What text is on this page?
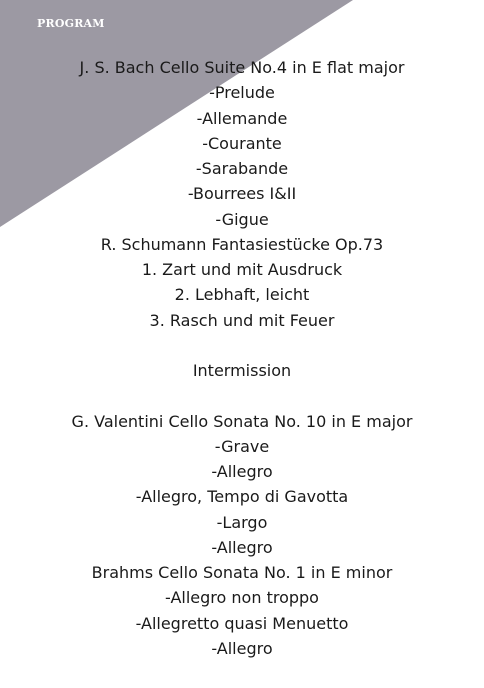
PROGRAM
J. S. Bach Cello Suite No.4 in E flat major
-Prelude
-Allemande
-Courante
-Sarabande
-Bourrees I&II
-Gigue
R. Schumann Fantasiestücke Op.73
1. Zart und mit Ausdruck
2. Lebhaft, leicht
3. Rasch und mit Feuer
Intermission
G. Valentini Cello Sonata No. 10 in E major
-Grave
-Allegro
-Allegro, Tempo di Gavotta
-Largo
-Allegro
Brahms Cello Sonata No. 1 in E minor
-Allegro non troppo
-Allegretto quasi Menuetto
-Allegro
